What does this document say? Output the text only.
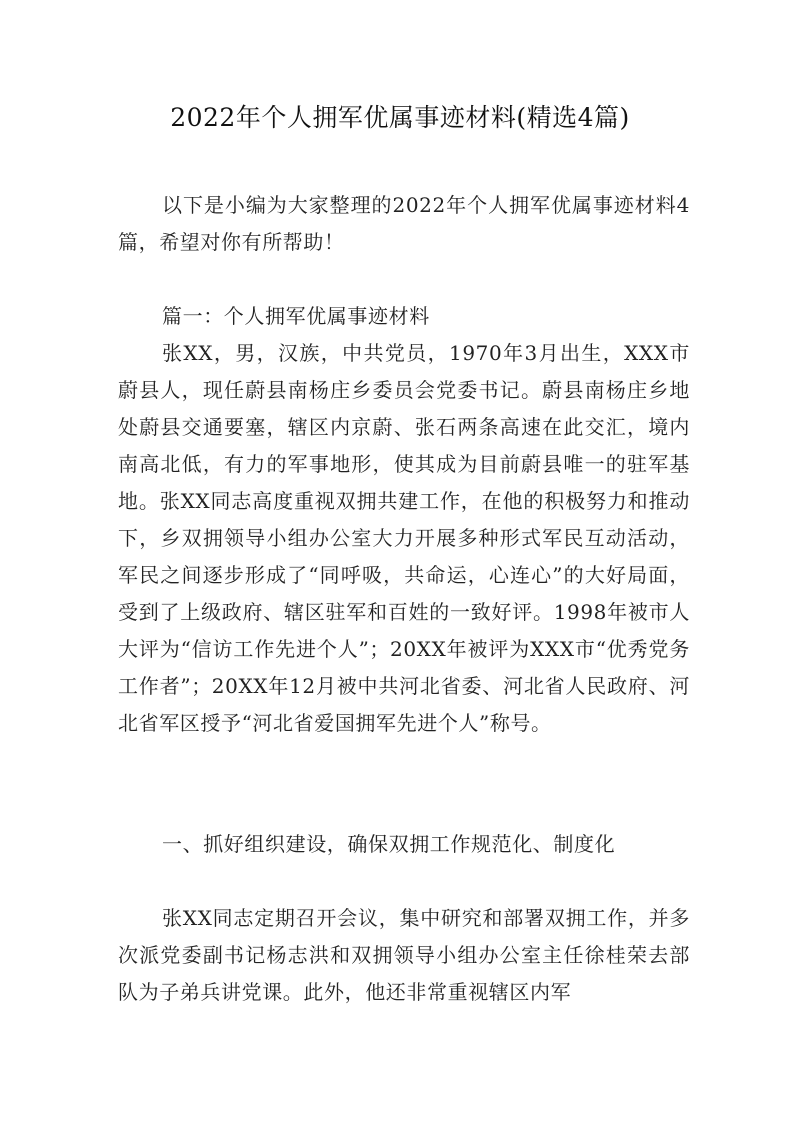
2022年个人拥军优属事迹材料(精选4篇)

以下是小编为大家整理的2022年个人拥军优属事迹材料4篇，希望对你有所帮助！

篇一：个人拥军优属事迹材料

张XX，男，汉族，中共党员，1970年3月出生，XXX市蔚县人，现任蔚县南杨庄乡委员会党委书记。蔚县南杨庄乡地处蔚县交通要塞，辖区内京蔚、张石两条高速在此交汇，境内南高北低，有力的军事地形，使其成为目前蔚县唯一的驻军基地。张XX同志高度重视双拥共建工作，在他的积极努力和推动下，乡双拥领导小组办公室大力开展多种形式军民互动活动，军民之间逐步形成了“同呼吸，共命运，心连心”的大好局面，受到了上级政府、辖区驻军和百姓的一致好评。1998年被市人大评为“信访工作先进个人”；20XX年被评为XXX市“优秀党务工作者”；20XX年12月被中共河北省委、河北省人民政府、河北省军区授予“河北省爱国拥军先进个人”称号。

一、抓好组织建设，确保双拥工作规范化、制度化

张XX同志定期召开会议，集中研究和部署双拥工作，并多次派党委副书记杨志洪和双拥领导小组办公室主任徐桂荣去部队为子弟兵讲党课。此外，他还非常重视辖区内军
